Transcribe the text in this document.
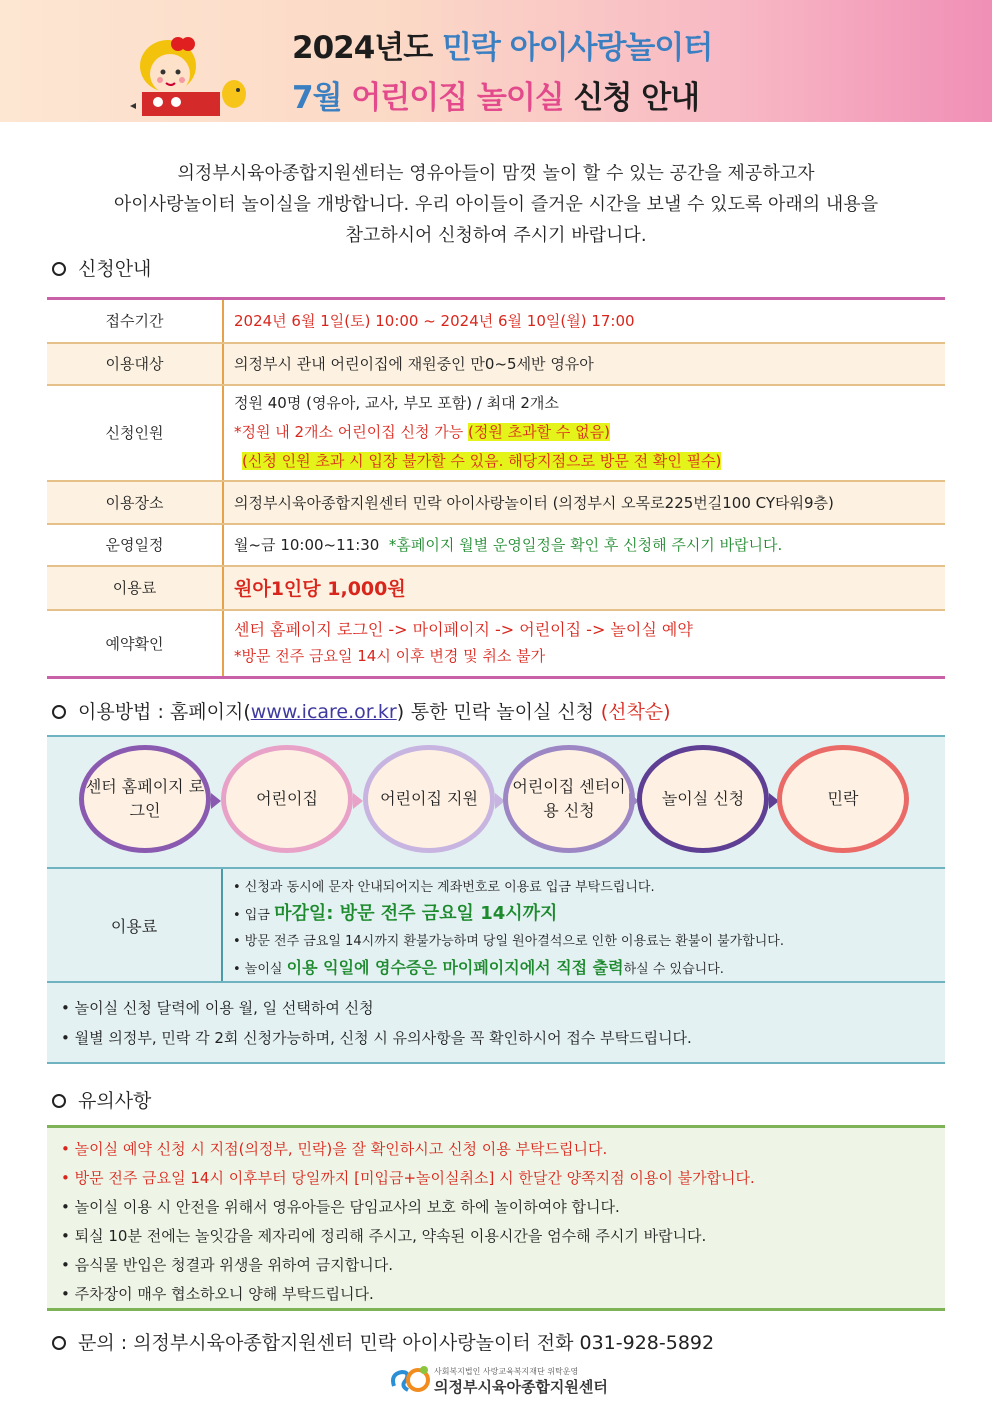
2024년도 민락 아이사랑놀이터
7월 어린이집 놀이실 신청 안내
의정부시육아종합지원센터는 영유아들이 맘껏 놀이 할 수 있는 공간을 제공하고자
아이사랑놀이터 놀이실을 개방합니다. 우리 아이들이 즐거운 시간을 보낼 수 있도록 아래의 내용을
참고하시어 신청하여 주시기 바랍니다.
신청안내
접수기간	2024년 6월 1일(토) 10:00 ~ 2024년 6월 10일(월) 17:00
이용대상	의정부시 관내 어린이집에 재원중인 만0~5세반 영유아
신청인원	정원 40명 (영유아, 교사, 부모 포함) / 최대 2개소
*정원 내 2개소 어린이집 신청 가능 (정원 초과할 수 없음)
(신청 인원 초과 시 입장 불가할 수 있음. 해당지점으로 방문 전 확인 필수)

이용장소	의정부시육아종합지원센터 민락 아이사랑놀이터 (의정부시 오목로225번길100 CY타워9층)
운영일정	월~금 10:00~11:30 *홈페이지 월별 운영일정을 확인 후 신청해 주시기 바랍니다.
이용료	원아1인당 1,000원
예약확인	센터 홈페이지 로그인 -> 마이페이지 -> 어린이집 -> 놀이실 예약
*방문 전주 금요일 14시 이후 변경 및 취소 불가
이용방법 : 홈페이지(www.icare.or.kr) 통한 민락 놀이실 신청 (선착순)
센터 홈페이지 로그인
어린이집	어린이집 지원
어린이집 센터이용 신청
놀이실 신청	민락
이용료
• 신청과 동시에 문자 안내되어지는 계좌번호로 이용료 입금 부탁드립니다.
• 입금 마감일: 방문 전주 금요일 14시까지
• 방문 전주 금요일 14시까지 환불가능하며 당일 원아결석으로 인한 이용료는 환불이 불가합니다.
• 놀이실 이용 익일에 영수증은 마이페이지에서 직접 출력하실 수 있습니다.
• 놀이실 신청 달력에 이용 월, 일 선택하여 신청
• 월별 의정부, 민락 각 2회 신청가능하며, 신청 시 유의사항을 꼭 확인하시어 접수 부탁드립니다.
유의사항
• 놀이실 예약 신청 시 지점(의정부, 민락)을 잘 확인하시고 신청 이용 부탁드립니다.
• 방문 전주 금요일 14시 이후부터 당일까지 [미입금+놀이실취소] 시 한달간 양쪽지점 이용이 불가합니다.
• 놀이실 이용 시 안전을 위해서 영유아들은 담임교사의 보호 하에 놀이하여야 합니다.
• 퇴실 10분 전에는 놀잇감을 제자리에 정리해 주시고, 약속된 이용시간을 엄수해 주시기 바랍니다.
• 음식물 반입은 청결과 위생을 위하여 금지합니다.
• 주차장이 매우 협소하오니 양해 부탁드립니다.
문의 : 의정부시육아종합지원센터 민락 아이사랑놀이터 전화 031-928-5892
사회복지법인 사랑교육복지재단 위탁운영
의정부시육아종합지원센터
